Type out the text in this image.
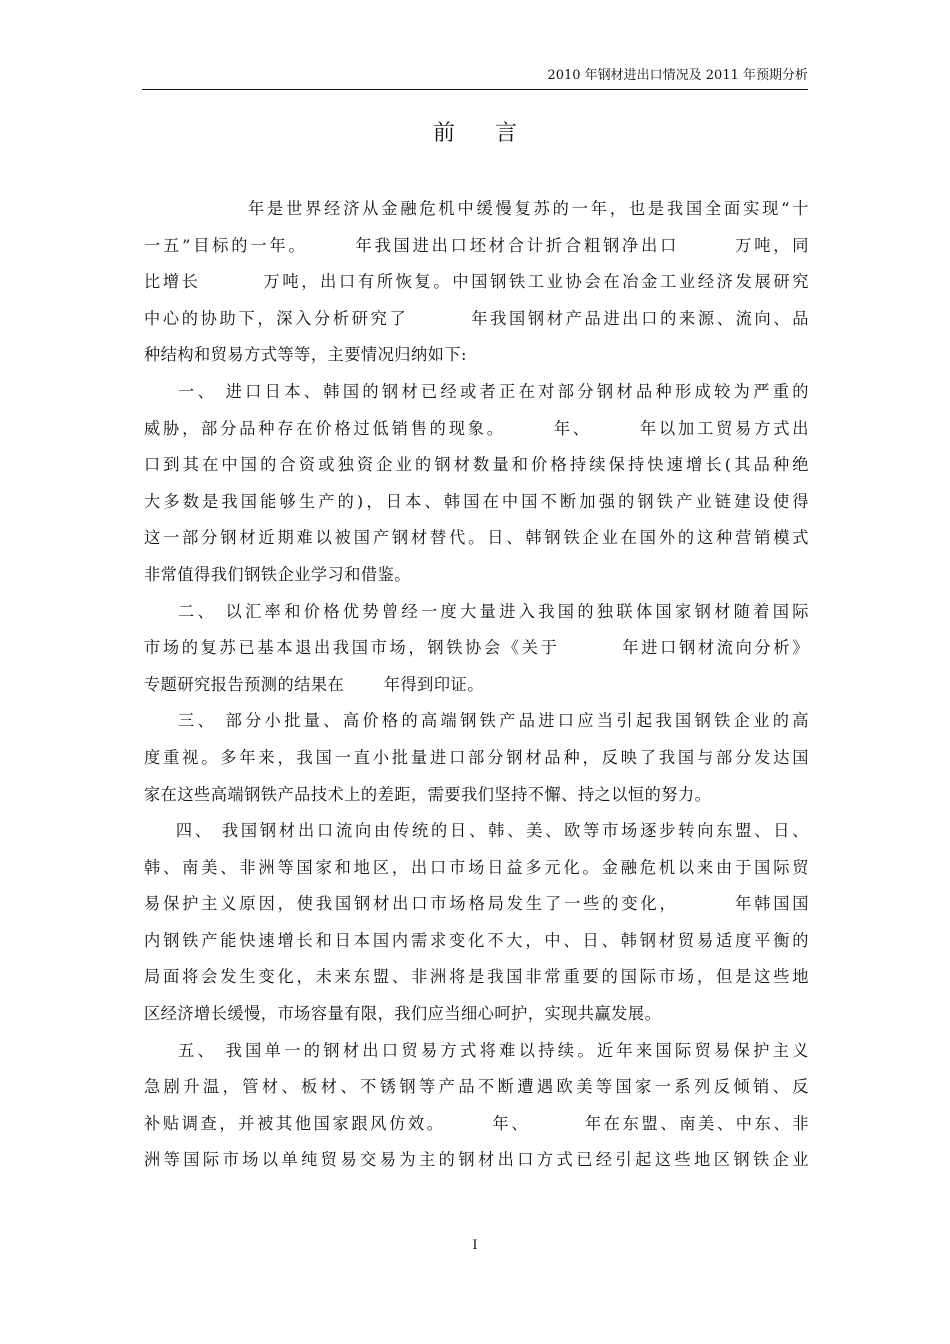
2010 年钢材进出口情况及 2011 年预期分析
前言
年是世界经济从金融危机中缓慢复苏的一年，也是我国全面实现“十
一五”目标的一年。      年我国进出口坯材合计折合粗钢净出口       万吨，同
比增长        万吨，出口有所恢复。中国钢铁工业协会在冶金工业经济发展研究
中心的协助下，深入分析研究了        年我国钢材产品进出口的来源、流向、品
种结构和贸易方式等等，主要情况归纳如下:
一、 进口日本、韩国的钢材已经或者正在对部分钢材品种形成较为严重的
威胁，部分品种存在价格过低销售的现象。      年、      年以加工贸易方式出
口到其在中国的合资或独资企业的钢材数量和价格持续保持快速增长(其品种绝
大多数是我国能够生产的)，日本、韩国在中国不断加强的钢铁产业链建设使得
这一部分钢材近期难以被国产钢材替代。日、韩钢铁企业在国外的这种营销模式
非常值得我们钢铁企业学习和借鉴。
二、 以汇率和价格优势曾经一度大量进入我国的独联体国家钢材随着国际
市场的复苏已基本退出我国市场，钢铁协会《关于        年进口钢材流向分析》
专题研究报告预测的结果在       年得到印证。
三、 部分小批量、高价格的高端钢铁产品进口应当引起我国钢铁企业的高
度重视。多年来，我国一直小批量进口部分钢材品种，反映了我国与部分发达国
家在这些高端钢铁产品技术上的差距，需要我们坚持不懈、持之以恒的努力。
四、 我国钢材出口流向由传统的日、韩、美、欧等市场逐步转向东盟、日、
韩、南美、非洲等国家和地区，出口市场日益多元化。金融危机以来由于国际贸
易保护主义原因，使我国钢材出口市场格局发生了一些的变化，       年韩国国
内钢铁产能快速增长和日本国内需求变化不大，中、日、韩钢材贸易适度平衡的
局面将会发生变化，未来东盟、非洲将是我国非常重要的国际市场，但是这些地
区经济增长缓慢，市场容量有限，我们应当细心呵护，实现共赢发展。
五、 我国单一的钢材出口贸易方式将难以持续。近年来国际贸易保护主义
急剧升温，管材、板材、不锈钢等产品不断遭遇欧美等国家一系列反倾销、反
补贴调查，并被其他国家跟风仿效。      年、       年在东盟、南美、中东、非
洲等国际市场以单纯贸易交易为主的钢材出口方式已经引起这些地区钢铁企业
I
